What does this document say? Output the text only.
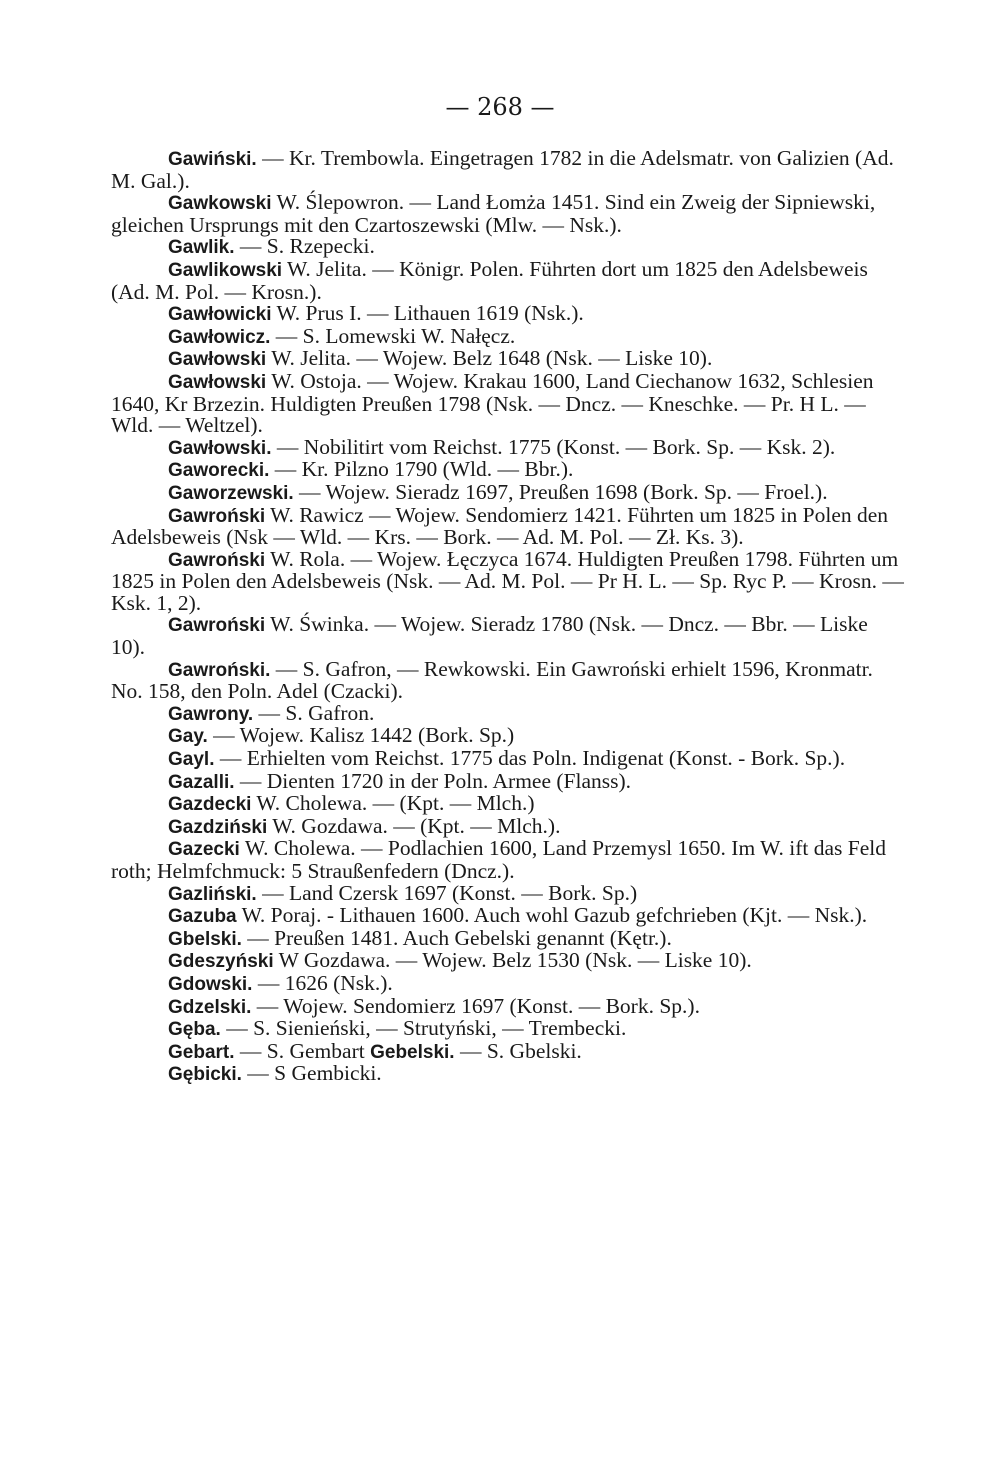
— 268 —

Gawiński. — Kr. Trembowla. Eingetragen 1782 in die Adelsmatr. von Galizien (Ad. M. Gal.).

Gawkowski W. Ślepowron. — Land Łomża 1451. Sind ein Zweig der Sipniewski, gleichen Ursprungs mit den Czartoszewski (Mlw. — Nsk.).

Gawlik. — S. Rzepecki.

Gawlikowski W. Jelita. — Königr. Polen. Führten dort um 1825 den Adelsbeweis (Ad. M. Pol. — Krosn.).

Gawłowicki W. Prus I. — Lithauen 1619 (Nsk.).

Gawłowicz. — S. Lomewski W. Nałęcz.

Gawłowski W. Jelita. — Wojew. Belz 1648 (Nsk. — Liske 10).

Gawłowski W. Ostoja. — Wojew. Krakau 1600, Land Ciechanow 1632, Schlesien 1640, Kr Brzezin. Huldigten Preußen 1798 (Nsk. — Dncz. — Kneschke. — Pr. H L. — Wld. — Weltzel).

Gawłowski. — Nobilitirt vom Reichst. 1775 (Konst. — Bork. Sp. — Ksk. 2).

Gaworecki. — Kr. Pilzno 1790 (Wld. — Bbr.).

Gaworzewski. — Wojew. Sieradz 1697, Preußen 1698 (Bork. Sp. — Froel.).

Gawroński W. Rawicz — Wojew. Sendomierz 1421. Führten um 1825 in Polen den Adelsbeweis (Nsk — Wld. — Krs. — Bork. — Ad. M. Pol. — Zł. Ks. 3).

Gawroński W. Rola. — Wojew. Łęczyca 1674. Huldigten Preußen 1798. Führten um 1825 in Polen den Adelsbeweis (Nsk. — Ad. M. Pol. — Pr H. L. — Sp. Ryc P. — Krosn. — Ksk. 1, 2).

Gawroński W. Świnka. — Wojew. Sieradz 1780 (Nsk. — Dncz. — Bbr. — Liske 10).

Gawroński. — S. Gafron, — Rewkowski. Ein Gawroński erhielt 1596, Kronmatr. No. 158, den Poln. Adel (Czacki).

Gawrony. — S. Gafron.

Gay. — Wojew. Kalisz 1442 (Bork. Sp.)

Gayl. — Erhielten vom Reichst. 1775 das Poln. Indigenat (Konst. - Bork. Sp.).

Gazalli. — Dienten 1720 in der Poln. Armee (Flanss).

Gazdecki W. Cholewa. — (Kpt. — Mlch.)

Gazdziński W. Gozdawa. — (Kpt. — Mlch.).

Gazecki W. Cholewa. — Podlachien 1600, Land Przemysl 1650. Im W. ift das Feld roth; Helmfchmuck: 5 Straußenfedern (Dncz.).

Gazliński. — Land Czersk 1697 (Konst. — Bork. Sp.)

Gazuba W. Poraj. - Lithauen 1600. Auch wohl Gazub gefchrieben (Kjt. — Nsk.).

Gbelski. — Preußen 1481. Auch Gebelski genannt (Kętr.).

Gdeszyński W Gozdawa. — Wojew. Belz 1530 (Nsk. — Liske 10).

Gdowski. — 1626 (Nsk.).

Gdzelski. — Wojew. Sendomierz 1697 (Konst. — Bork. Sp.).

Gęba. — S. Sienieński, — Strutyński, — Trembecki.

Gebart. — S. Gembart Gebelski. — S. Gbelski.

Gębicki. — S Gembicki.
